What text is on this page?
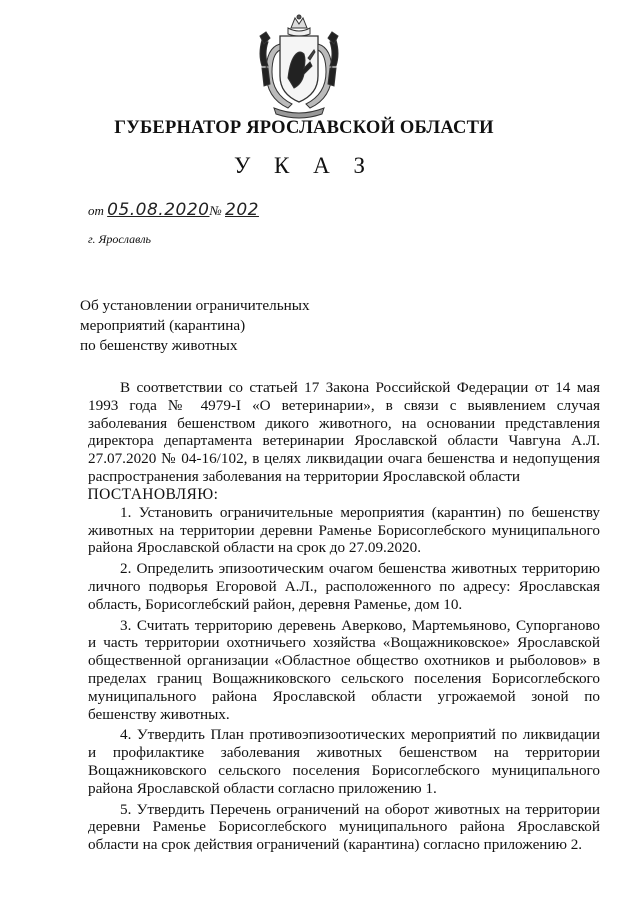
ГУБЕРНАТОР ЯРОСЛАВСКОЙ ОБЛАСТИ
У К А З
от 05.08.2020№ 202
г. Ярославль
Об установлении ограничительных
мероприятий (карантина)
по бешенству животных

В соответствии со статьей 17 Закона Российской Федерации от 14 мая 1993 года № 4979-I «О ветеринарии», в связи с выявлением случая заболевания бешенством дикого животного, на основании представления директора департамента ветеринарии Ярославской области Чавгуна А.Л. 27.07.2020 № 04-16/102, в целях ликвидации очага бешенства и недопущения распространения заболевания на территории Ярославской области

ПОСТАНОВЛЯЮ:

1. Установить ограничительные мероприятия (карантин) по бешенству животных на территории деревни Раменье Борисоглебского муниципального района Ярославской области на срок до 27.09.2020.

2. Определить эпизоотическим очагом бешенства животных территорию личного подворья Егоровой А.Л., расположенного по адресу: Ярославская область, Борисоглебский район, деревня Раменье, дом 10.

3. Считать территорию деревень Аверково, Мартемьяново, Супорганово и часть территории охотничьего хозяйства «Вощажниковское» Ярославской общественной организации «Областное общество охотников и рыболовов» в пределах границ Вощажниковского сельского поселения Борисоглебского муниципального района Ярославской области угрожаемой зоной по бешенству животных.

4. Утвердить План противоэпизоотических мероприятий по ликвидации и профилактике заболевания животных бешенством на территории Вощажниковского сельского поселения Борисоглебского муниципального района Ярославской области согласно приложению 1.

5. Утвердить Перечень ограничений на оборот животных на территории деревни Раменье Борисоглебского муниципального района Ярославской области на срок действия ограничений (карантина) согласно приложению 2.
